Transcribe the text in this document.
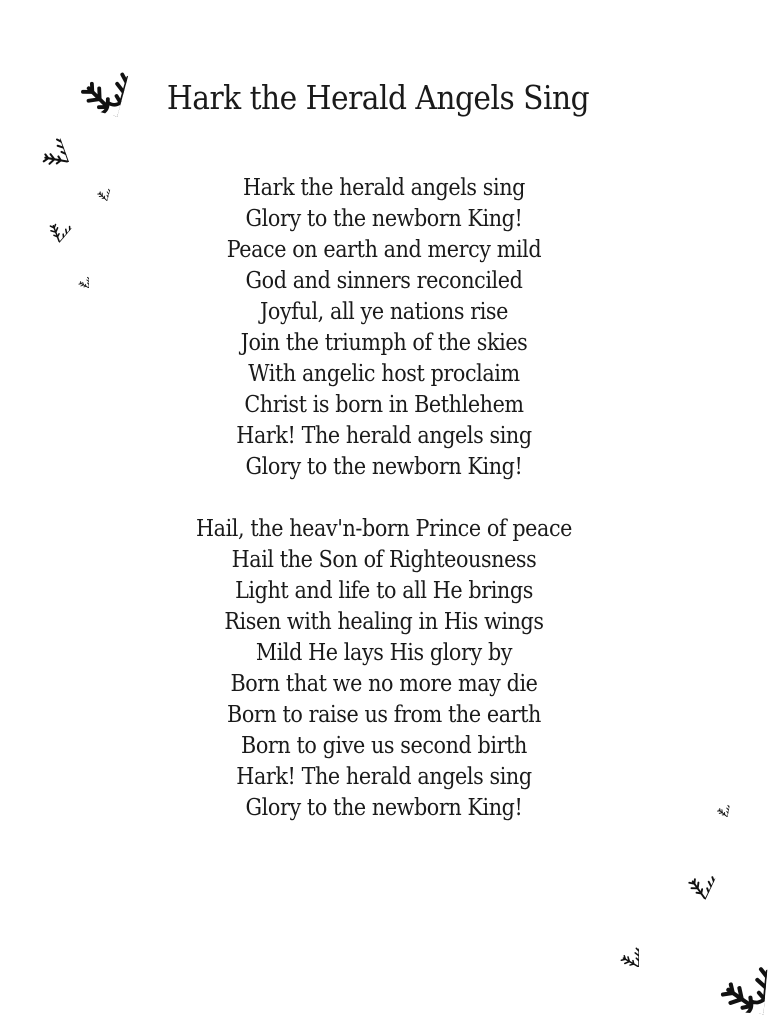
Hark the Herald Angels Sing
Hark the herald angels sing
Glory to the newborn King!
Peace on earth and mercy mild
God and sinners reconciled
Joyful, all ye nations rise
Join the triumph of the skies
With angelic host proclaim
Christ is born in Bethlehem
Hark! The herald angels sing
Glory to the newborn King!
Hail, the heav'n-born Prince of peace
Hail the Son of Righteousness
Light and life to all He brings
Risen with healing in His wings
Mild He lays His glory by
Born that we no more may die
Born to raise us from the earth
Born to give us second birth
Hark! The herald angels sing
Glory to the newborn King!
